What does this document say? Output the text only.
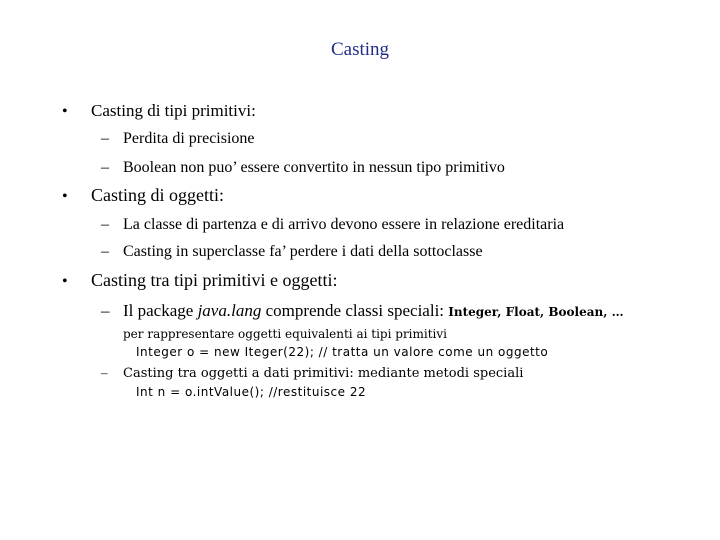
Casting
• Casting di tipi primitivi:
– Perdita di precisione
– Boolean non puo’ essere convertito in nessun tipo primitivo
• Casting di oggetti:
– La classe di partenza e di arrivo devono essere in relazione ereditaria
– Casting in superclasse fa’ perdere i dati della sottoclasse
• Casting tra tipi primitivi e oggetti:
– Il package java.lang comprende classi speciali: Integer, Float, Boolean, …
per rappresentare oggetti equivalenti ai tipi primitivi
Integer o = new Iteger(22); // tratta un valore come un oggetto
– Casting tra oggetti a dati primitivi: mediante metodi speciali
Int n = o.intValue(); //restituisce 22
